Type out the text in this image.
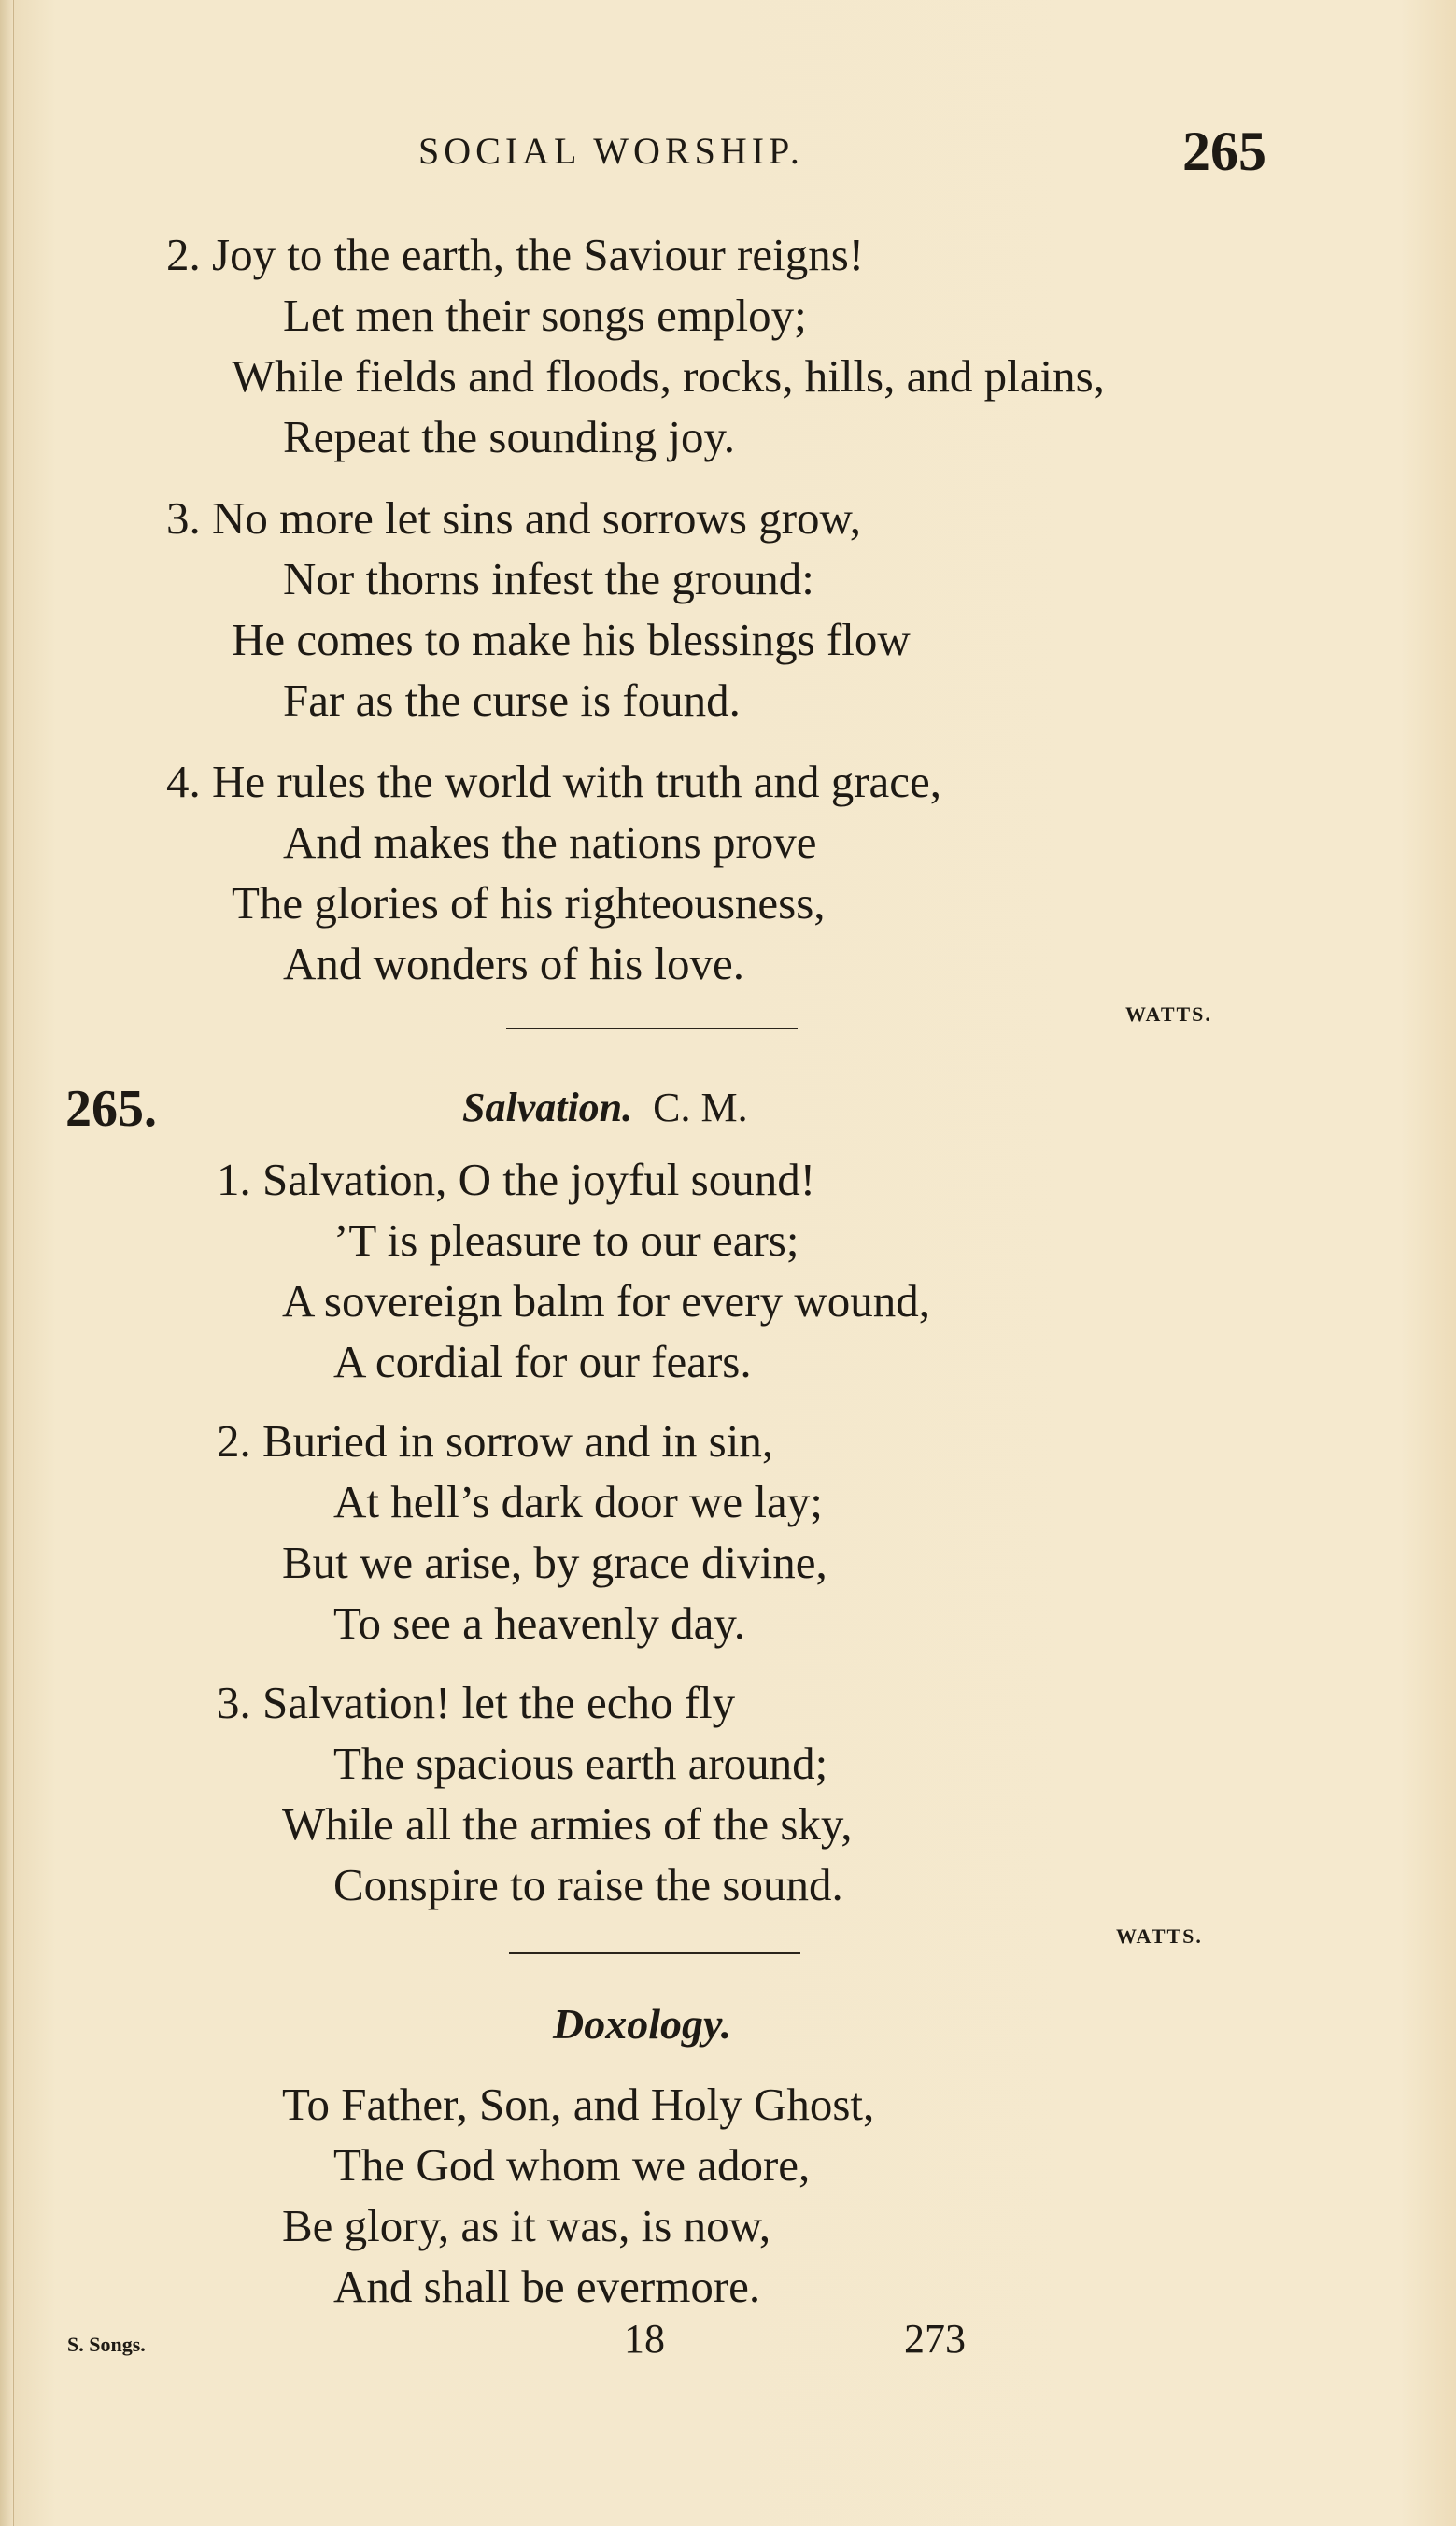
SOCIAL WORSHIP.	265
2. Joy to the earth, the Saviour reigns!
Let men their songs employ;
While fields and floods, rocks, hills, and plains,
Repeat the sounding joy.
3. No more let sins and sorrows grow,
Nor thorns infest the ground:
He comes to make his blessings flow
Far as the curse is found.
4. He rules the world with truth and grace,
And makes the nations prove
The glories of his righteousness,
And wonders of his love.
WATTS.
265.	Salvation. C. M.
1. Salvation, O the joyful sound!
’T is pleasure to our ears;
A sovereign balm for every wound,
A cordial for our fears.
2. Buried in sorrow and in sin,
At hell’s dark door we lay;
But we arise, by grace divine,
To see a heavenly day.
3. Salvation! let the echo fly
The spacious earth around;
While all the armies of the sky,
Conspire to raise the sound.
WATTS.
Doxology.
To Father, Son, and Holy Ghost,
The God whom we adore,
Be glory, as it was, is now,
And shall be evermore.
S. Songs.	18	273
